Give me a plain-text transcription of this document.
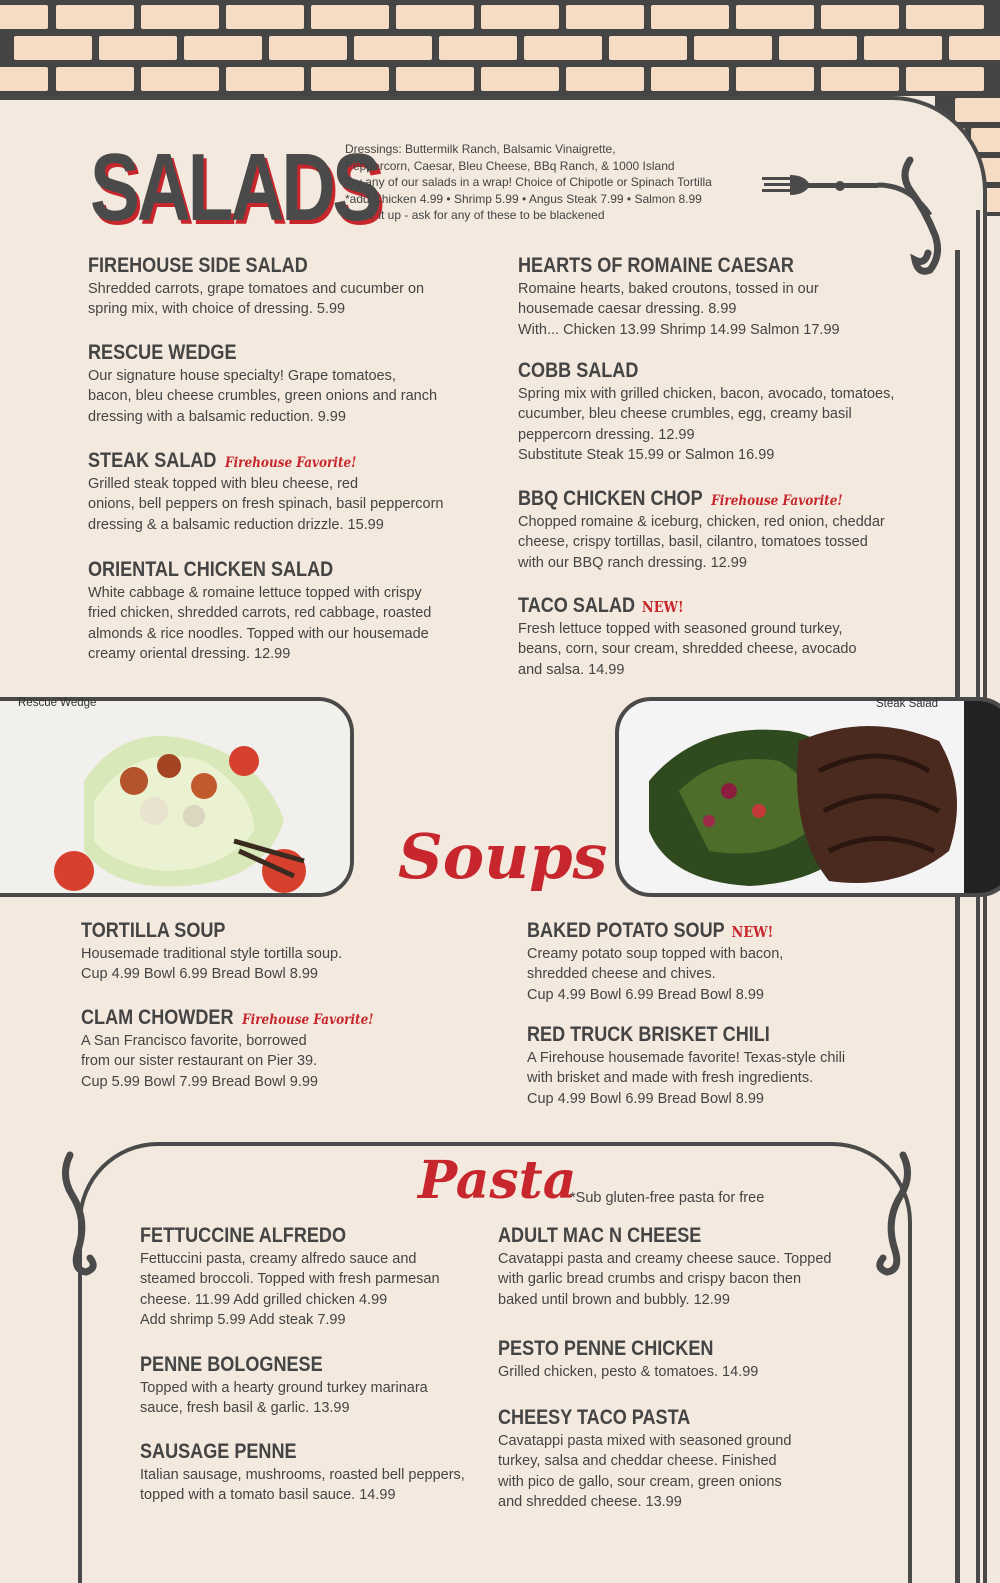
SALADS
Dressings: Buttermilk Ranch, Balsamic Vinaigrette,
Peppercorn, Caesar, Bleu Cheese, BBq Ranch, & 1000 Island
Try any of our salads in a wrap! Choice of Chipotle or Spinach Tortilla
*add Chicken 4.99 • Shrimp 5.99 • Angus Steak 7.99 • Salmon 8.99
Spice it up - ask for any of these to be blackened
FIREHOUSE SIDE SALAD
Shredded carrots, grape tomatoes and cucumber on
spring mix, with choice of dressing. 5.99
RESCUE WEDGE
Our signature house specialty! Grape tomatoes,
bacon, bleu cheese crumbles, green onions and ranch
dressing with a balsamic reduction. 9.99
STEAK SALAD Firehouse Favorite!
Grilled steak topped with bleu cheese, red
onions, bell peppers on fresh spinach, basil peppercorn
dressing & a balsamic reduction drizzle. 15.99
ORIENTAL CHICKEN SALAD
White cabbage & romaine lettuce topped with crispy
fried chicken, shredded carrots, red cabbage, roasted
almonds & rice noodles. Topped with our housemade
creamy oriental dressing. 12.99
HEARTS OF ROMAINE CAESAR
Romaine hearts, baked croutons, tossed in our
housemade caesar dressing. 8.99
With... Chicken 13.99 Shrimp 14.99 Salmon 17.99
COBB SALAD
Spring mix with grilled chicken, bacon, avocado, tomatoes,
cucumber, bleu cheese crumbles, egg, creamy basil
peppercorn dressing. 12.99
Substitute Steak 15.99 or Salmon 16.99
BBQ CHICKEN CHOP Firehouse Favorite!
Chopped romaine & iceburg, chicken, red onion, cheddar
cheese, crispy tortillas, basil, cilantro, tomatoes tossed
with our BBQ ranch dressing. 12.99
TACO SALAD NEW!
Fresh lettuce topped with seasoned ground turkey,
beans, corn, sour cream, shredded cheese, avocado
and salsa. 14.99
Rescue Wedge	Steak Salad
Soups
TORTILLA SOUP
Housemade traditional style tortilla soup.
Cup 4.99 Bowl 6.99 Bread Bowl 8.99
CLAM CHOWDER Firehouse Favorite!
A San Francisco favorite, borrowed
from our sister restaurant on Pier 39.
Cup 5.99 Bowl 7.99 Bread Bowl 9.99
BAKED POTATO SOUP NEW!
Creamy potato soup topped with bacon,
shredded cheese and chives.
Cup 4.99 Bowl 6.99 Bread Bowl 8.99
RED TRUCK BRISKET CHILI
A Firehouse housemade favorite! Texas-style chili
with brisket and made with fresh ingredients.
Cup 4.99 Bowl 6.99 Bread Bowl 8.99
Pasta
*Sub gluten-free pasta for free
FETTUCCINE ALFREDO
Fettuccini pasta, creamy alfredo sauce and
steamed broccoli. Topped with fresh parmesan
cheese. 11.99 Add grilled chicken 4.99
Add shrimp 5.99 Add steak 7.99
PENNE BOLOGNESE
Topped with a hearty ground turkey marinara
sauce, fresh basil & garlic. 13.99
SAUSAGE PENNE
Italian sausage, mushrooms, roasted bell peppers,
topped with a tomato basil sauce. 14.99
ADULT MAC N CHEESE
Cavatappi pasta and creamy cheese sauce. Topped
with garlic bread crumbs and crispy bacon then
baked until brown and bubbly. 12.99
PESTO PENNE CHICKEN
Grilled chicken, pesto & tomatoes. 14.99
CHEESY TACO PASTA
Cavatappi pasta mixed with seasoned ground
turkey, salsa and cheddar cheese. Finished
with pico de gallo, sour cream, green onions
and shredded cheese. 13.99
